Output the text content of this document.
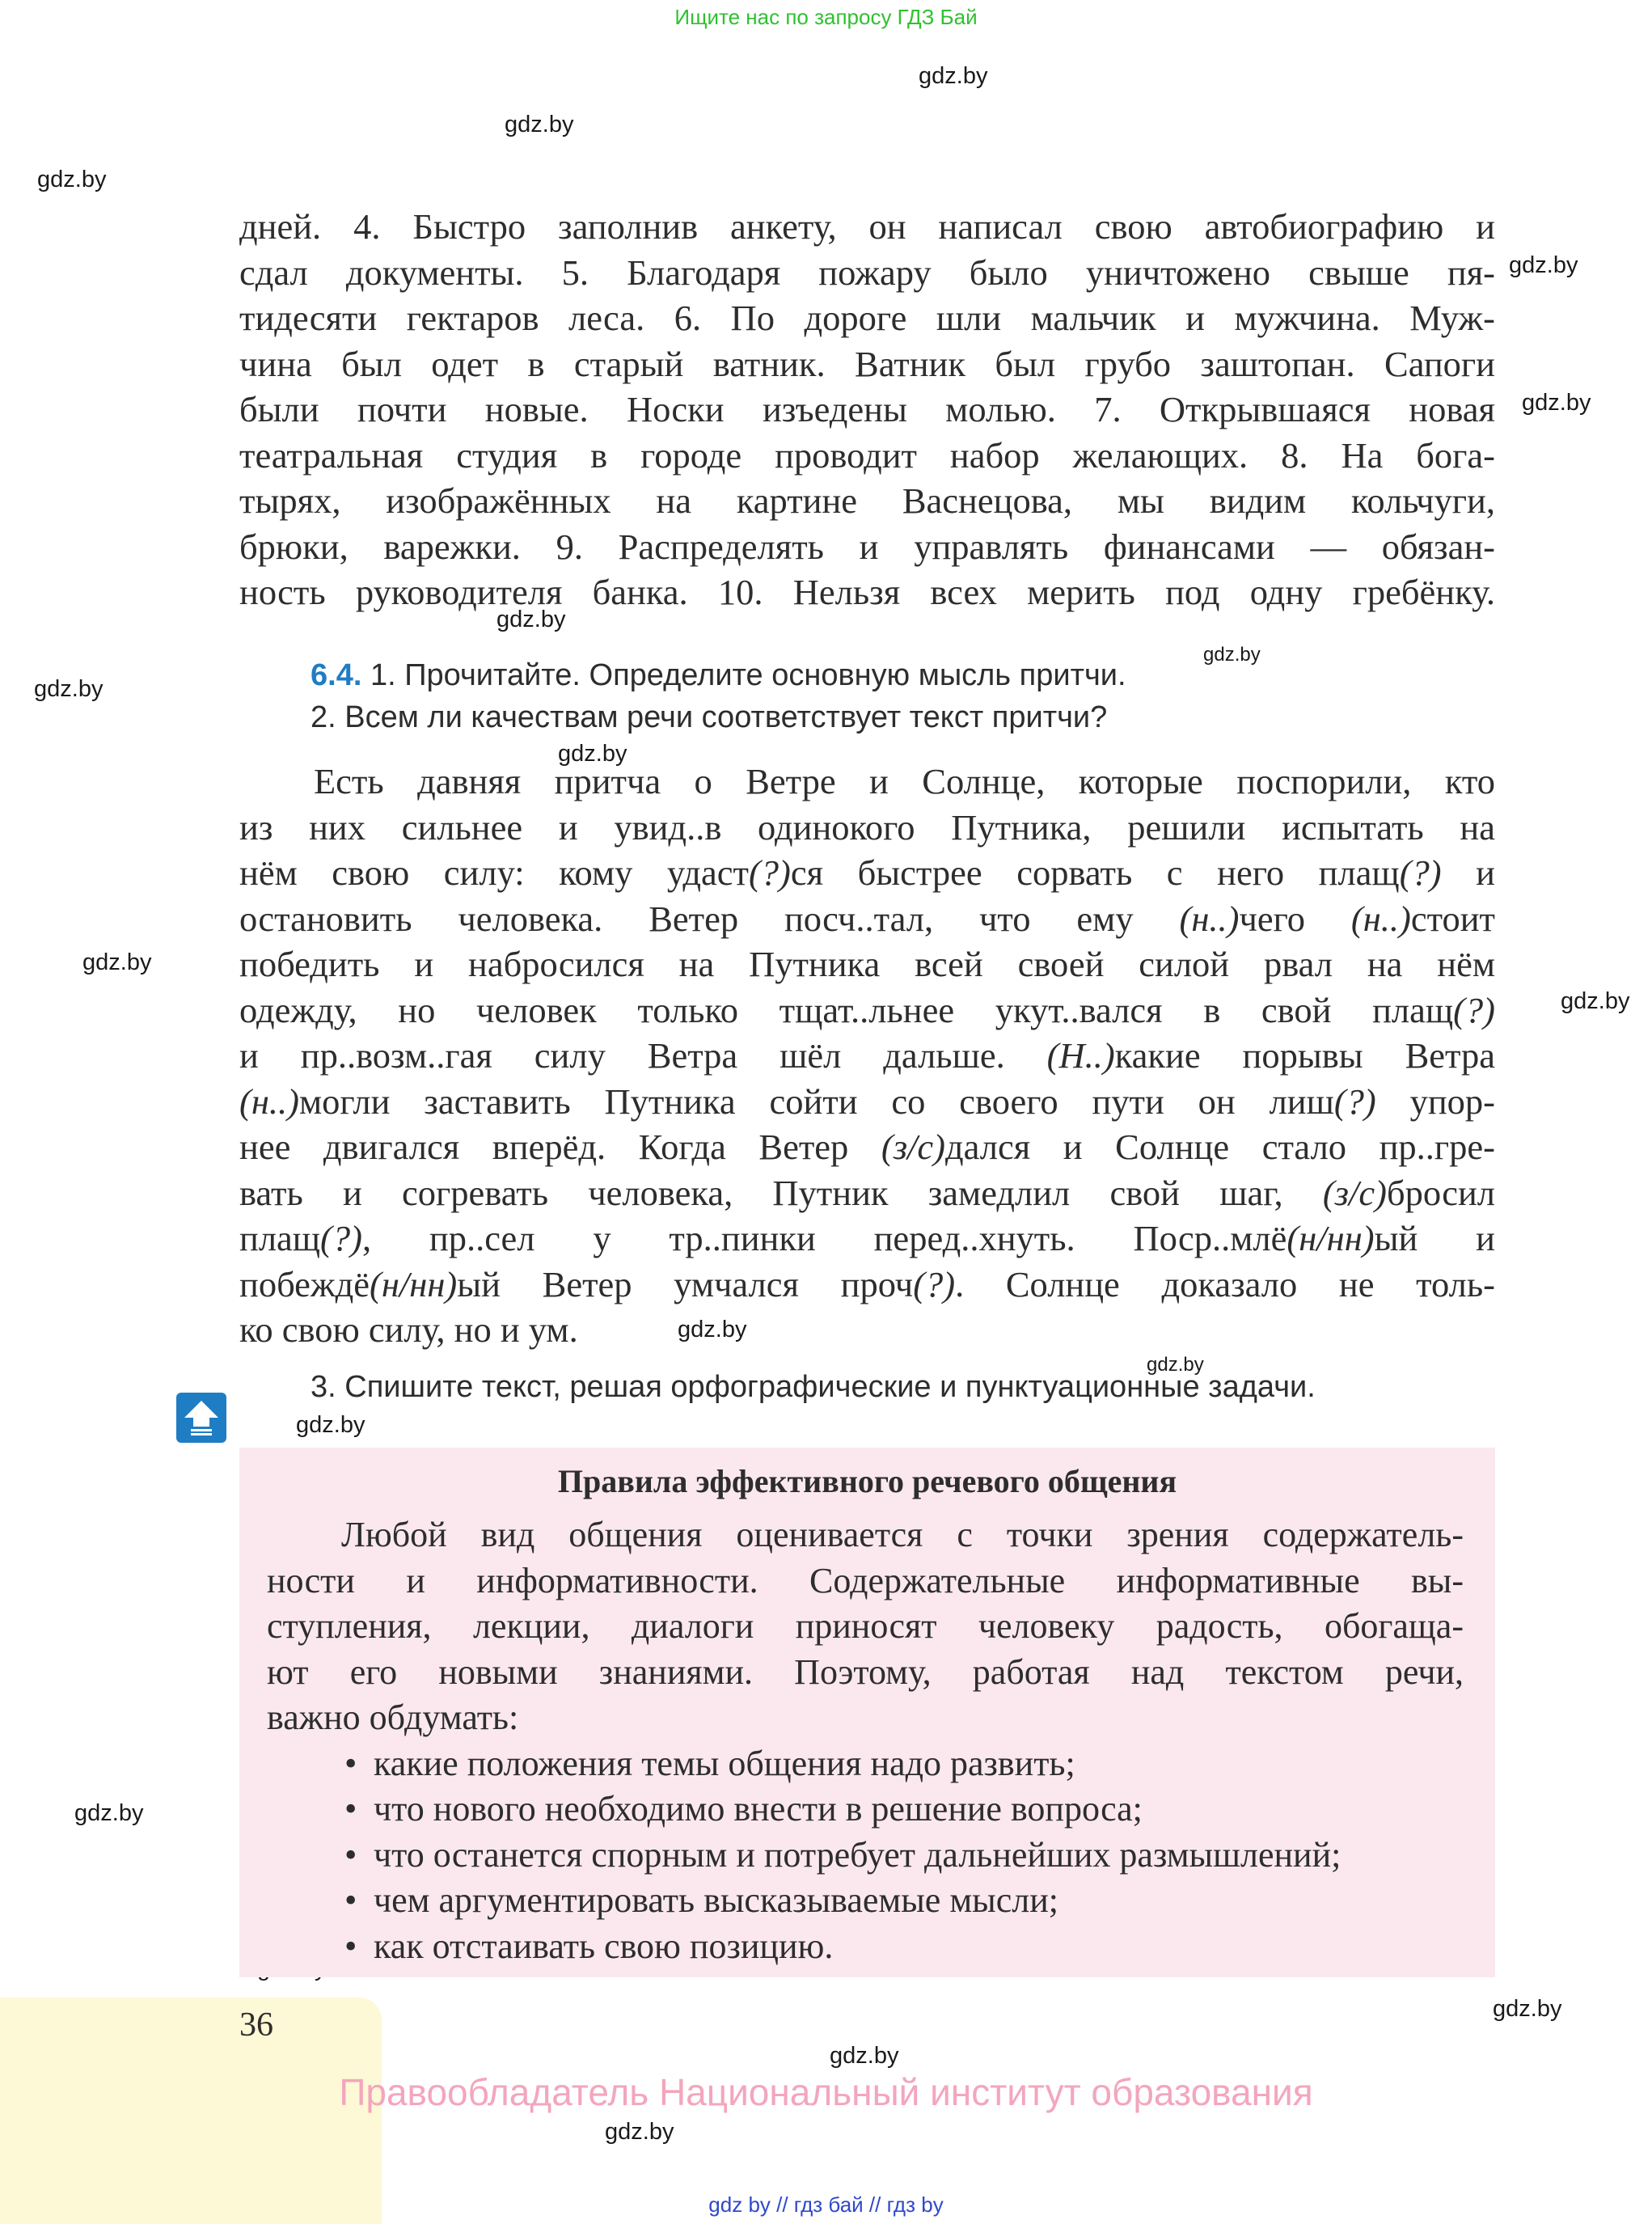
Ищите нас по запросу ГДЗ Бай
gdz.by
gdz.by
gdz.by
gdz.by
gdz.by
gdz.by
gdz.by
gdz.by
gdz.by
gdz.by
gdz.by
gdz.by
gdz.by
gdz.by
gdz.by
gdz.by
gdz.by
gdz.by
дней. 4. Быстро заполнив анкету, он написал свою автобиографию и
сдал документы. 5. Благодаря пожару было уничтожено свыше пя-
тидесяти гектаров леса. 6. По дороге шли мальчик и мужчина. Муж-
чина был одет в старый ватник. Ватник был грубо заштопан. Сапоги
были почти новые. Носки изъедены молью. 7. Открывшаяся новая
театральная студия в городе проводит набор желающих. 8. На бога-
тырях, изображённых на картине Васнецова, мы видим кольчуги,
брюки, варежки. 9. Распределять и управлять финансами — обязан-
ность руководителя банка. 10. Нельзя всех мерить под одну гребёнку.
6.4. 1. Прочитайте. Определите основную мысль притчи.
2. Всем ли качествам речи соответствует текст притчи?
Есть давняя притча о Ветре и Солнце, которые поспорили, кто
из них сильнее и увид..в одинокого Путника, решили испытать на
нём свою силу: кому удаст(?)ся быстрее сорвать с него плащ(?) и
остановить человека. Ветер посч..тал, что ему (н..)чего (н..)стоит
победить и набросился на Путника всей своей силой рвал на нём
одежду, но человек только тщат..льнее укут..вался в свой плащ(?)
и пр..возм..гая силу Ветра шёл дальше. (Н..)какие порывы Ветра
(н..)могли заставить Путника сойти со своего пути он лиш(?) упор-
нее двигался вперёд. Когда Ветер (з/с)дался и Солнце стало пр..гре-
вать и согревать человека, Путник замедлил свой шаг, (з/с)бросил
плащ(?), пр..сел у тр..пинки перед..хнуть. Поср..млё(н/нн)ый и
побеждё(н/нн)ый Ветер умчался проч(?). Солнце доказало не толь-
ко свою силу, но и ум.
3. Спишите текст, решая орфографические и пунктуационные задачи.
Правила эффективного речевого общения
Любой вид общения оценивается с точки зрения содержатель-
ности и информативности. Содержательные информативные вы-
ступления, лекции, диалоги приносят человеку радость, обогаща-
ют его новыми знаниями. Поэтому, работая над текстом речи,
важно обдумать:
• какие положения темы общения надо развить;
• что нового необходимо внести в решение вопроса;
• что останется спорным и потребует дальнейших размышлений;
• чем аргументировать высказываемые мысли;
• как отстаивать свою позицию.
36
Правообладатель Национальный институт образования
gdz by // гдз бай // гдз by
